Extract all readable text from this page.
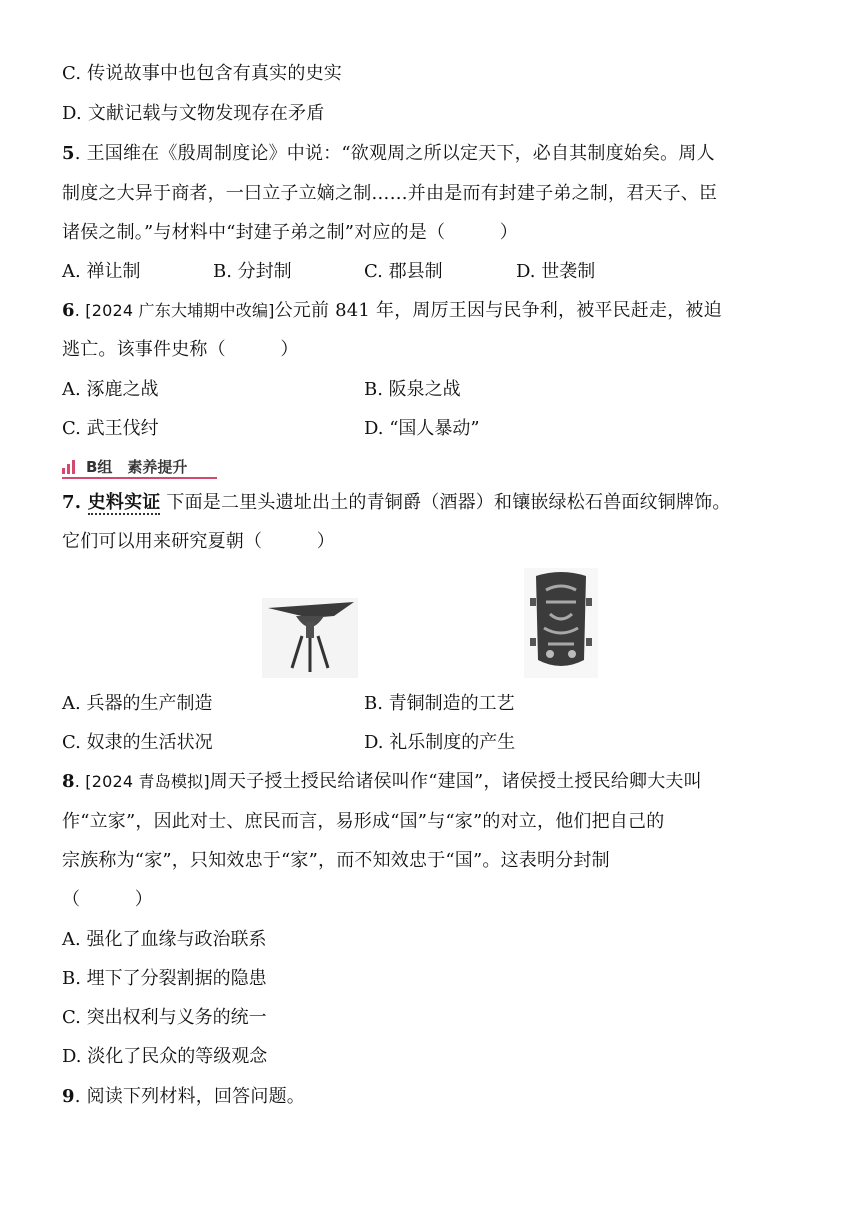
C. 传说故事中也包含有真实的史实
D. 文献记载与文物发现存在矛盾
5. 王国维在《殷周制度论》中说：“欲观周之所以定天下，必自其制度始矣。周人
制度之大异于商者，一曰立子立嫡之制……并由是而有封建子弟之制，君天子、臣
诸侯之制。”与材料中“封建子弟之制”对应的是（　　　）
A. 禅让制	B. 分封制	C. 郡县制	D. 世袭制
6. [2024 广东大埔期中改编]公元前 841 年，周厉王因与民争利，被平民赶走，被迫
逃亡。该事件史称（　　　）
A. 涿鹿之战	B. 阪泉之战
C. 武王伐纣	D. “国人暴动”
B组　素养提升
7. 史料实证 下面是二里头遗址出土的青铜爵（酒器）和镶嵌绿松石兽面纹铜牌饰。
它们可以用来研究夏朝（　　　）
A. 兵器的生产制造	B. 青铜制造的工艺
C. 奴隶的生活状况	D. 礼乐制度的产生
8. [2024 青岛模拟]周天子授土授民给诸侯叫作“建国”，诸侯授土授民给卿大夫叫
作“立家”，因此对士、庶民而言，易形成“国”与“家”的对立，他们把自己的
宗族称为“家”，只知效忠于“家”，而不知效忠于“国”。这表明分封制
（　　　）
A. 强化了血缘与政治联系
B. 埋下了分裂割据的隐患
C. 突出权利与义务的统一
D. 淡化了民众的等级观念
9. 阅读下列材料，回答问题。
